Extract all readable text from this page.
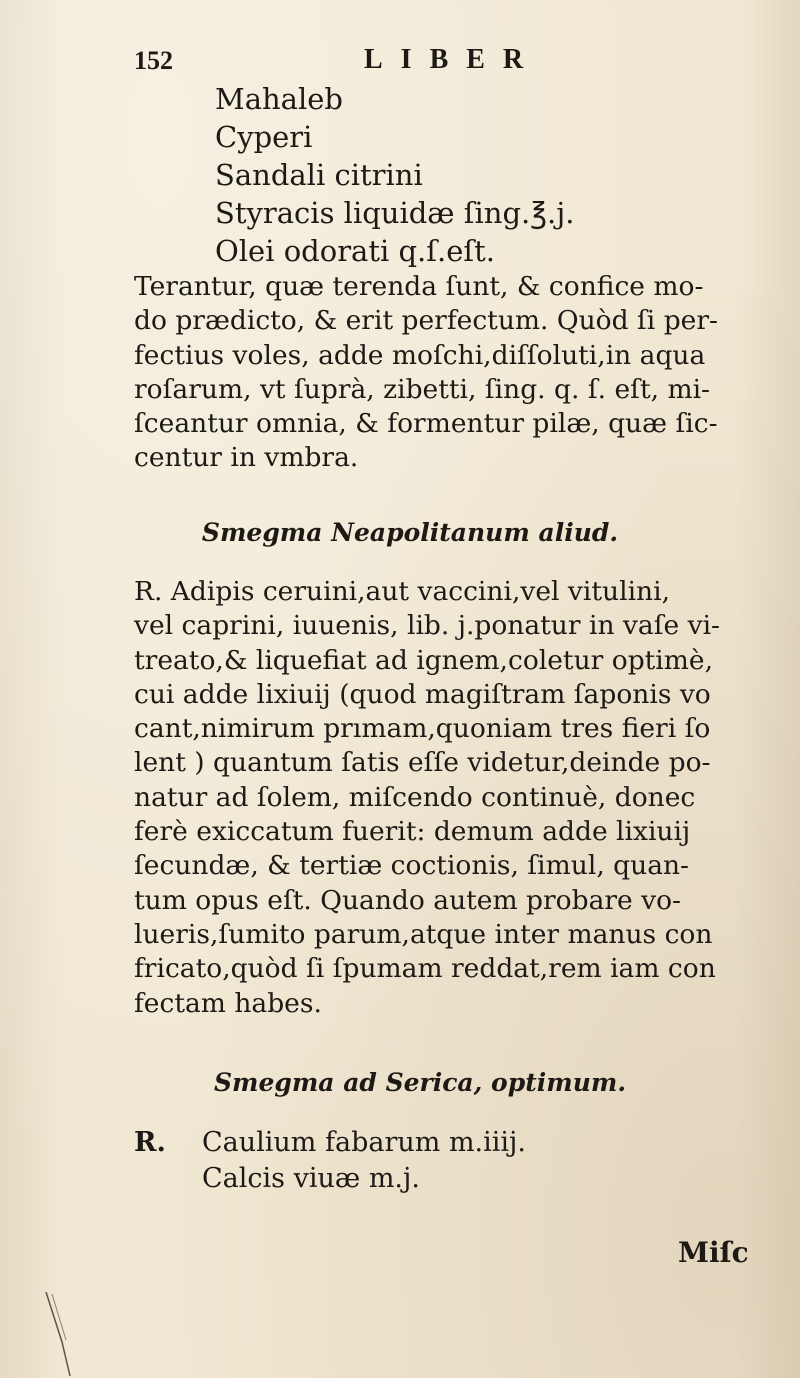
152	LIBER
Mahaleb
Cyperi
Sandali citrini
Styracis liquidæ ſing.℥.j.
Olei odorati q.ſ.eſt.

Terantur, quæ terenda ſunt, & confice mo-
do prædicto, & erit perfectum. Quòd ſi per-
fectius voles, adde moſchi,diſſoluti,in aqua
roſarum, vt ſuprà, zibetti, ſing. q. ſ. eſt, mi-
ſceantur omnia, & formentur pilæ, quæ ſic-
centur in vmbra.

Smegma Neapolitanum aliud.

R. Adipis ceruini,aut vaccini,vel vitulini,
vel caprini, iuuenis, lib. j.ponatur in vaſe vi-
treato,& liquefiat ad ignem,coletur optimè,
cui adde lixiuij (quod magiſtram ſaponis vo
cant,nimirum prımam,quoniam tres fieri ſo
lent ) quantum ſatis eſſe videtur,deinde po-
natur ad ſolem, miſcendo continuè, donec
ferè exiccatum fuerit: demum adde lixiuij
ſecundæ, & tertiæ coctionis, ſimul, quan-
tum opus eſt. Quando autem probare vo-
lueris,ſumito parum,atque inter manus con
fricato,quòd ſi ſpumam reddat,rem iam con
fectam habes.

Smegma ad Serica, optimum.
R.	Caulium fabarum m.iiij.
Calcis viuæ m.j.
Miſc
